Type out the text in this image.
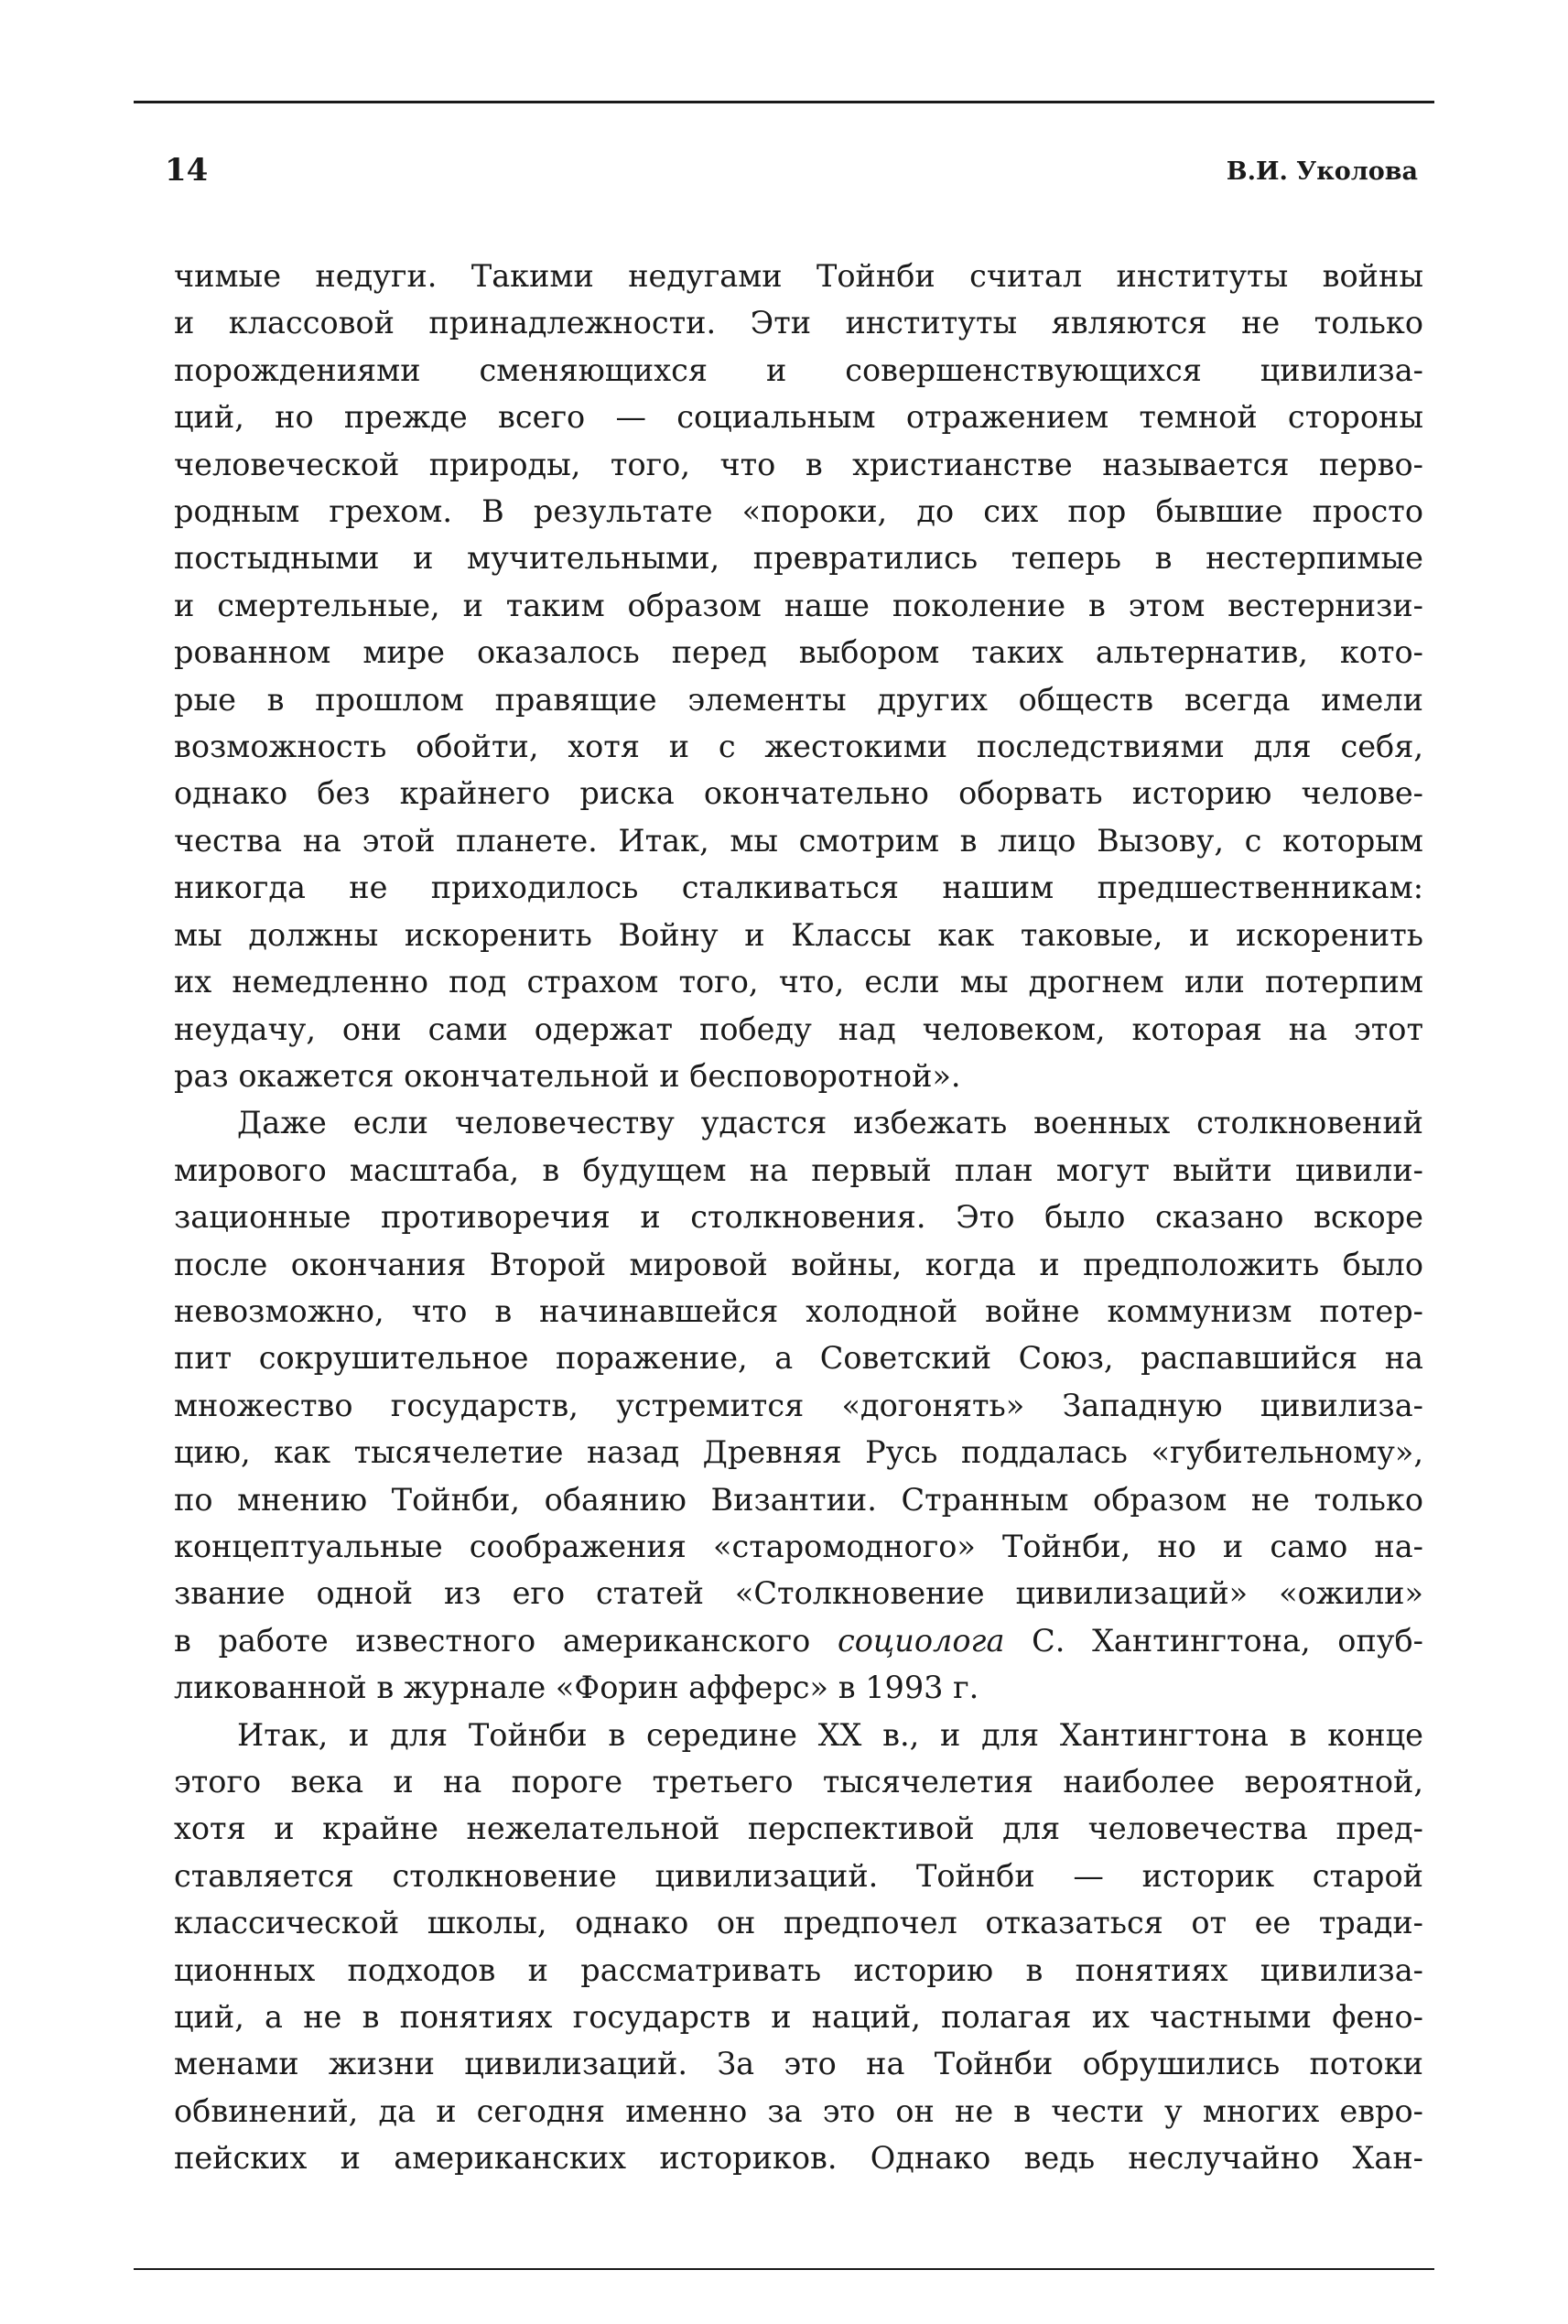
14	В.И. Уколова

чимые недуги. Такими недугами Тойнби считал институты войны

и классовой принадлежности. Эти институты являются не только

порождениями сменяющихся и совершенствующихся цивилиза-

ций, но прежде всего — социальным отражением темной стороны

человеческой природы, того, что в христианстве называется перво-

родным грехом. В результате «пороки, до сих пор бывшие просто

постыдными и мучительными, превратились теперь в нестерпимые

и смертельные, и таким образом наше поколение в этом вестернизи-

рованном мире оказалось перед выбором таких альтернатив, кото-

рые в прошлом правящие элементы других обществ всегда имели

возможность обойти, хотя и с жестокими последствиями для себя,

однако без крайнего риска окончательно оборвать историю челове-

чества на этой планете. Итак, мы смотрим в лицо Вызову, с которым

никогда не приходилось сталкиваться нашим предшественникам:

мы должны искоренить Войну и Классы как таковые, и искоренить

их немедленно под страхом того, что, если мы дрогнем или потерпим

неудачу, они сами одержат победу над человеком, которая на этот

раз окажется окончательной и бесповоротной».

Даже если человечеству удастся избежать военных столкновений

мирового масштаба, в будущем на первый план могут выйти цивили-

зационные противоречия и столкновения. Это было сказано вскоре

после окончания Второй мировой войны, когда и предположить было

невозможно, что в начинавшейся холодной войне коммунизм потер-

пит сокрушительное поражение, а Советский Союз, распавшийся на

множество государств, устремится «догонять» Западную цивилиза-

цию, как тысячелетие назад Древняя Русь поддалась «губительному»,

по мнению Тойнби, обаянию Византии. Странным образом не только

концептуальные соображения «старомодного» Тойнби, но и само на-

звание одной из его статей «Столкновение цивилизаций» «ожили»

в работе известного американского социолога С. Хантингтона, опуб-

ликованной в журнале «Форин афферс» в 1993 г.

Итак, и для Тойнби в середине XX в., и для Хантингтона в конце

этого века и на пороге третьего тысячелетия наиболее вероятной,

хотя и крайне нежелательной перспективой для человечества пред-

ставляется столкновение цивилизаций. Тойнби — историк старой

классической школы, однако он предпочел отказаться от ее тради-

ционных подходов и рассматривать историю в понятиях цивилиза-

ций, а не в понятиях государств и наций, полагая их частными фено-

менами жизни цивилизаций. За это на Тойнби обрушились потоки

обвинений, да и сегодня именно за это он не в чести у многих евро-

пейских и американских историков. Однако ведь неслучайно Хан-
